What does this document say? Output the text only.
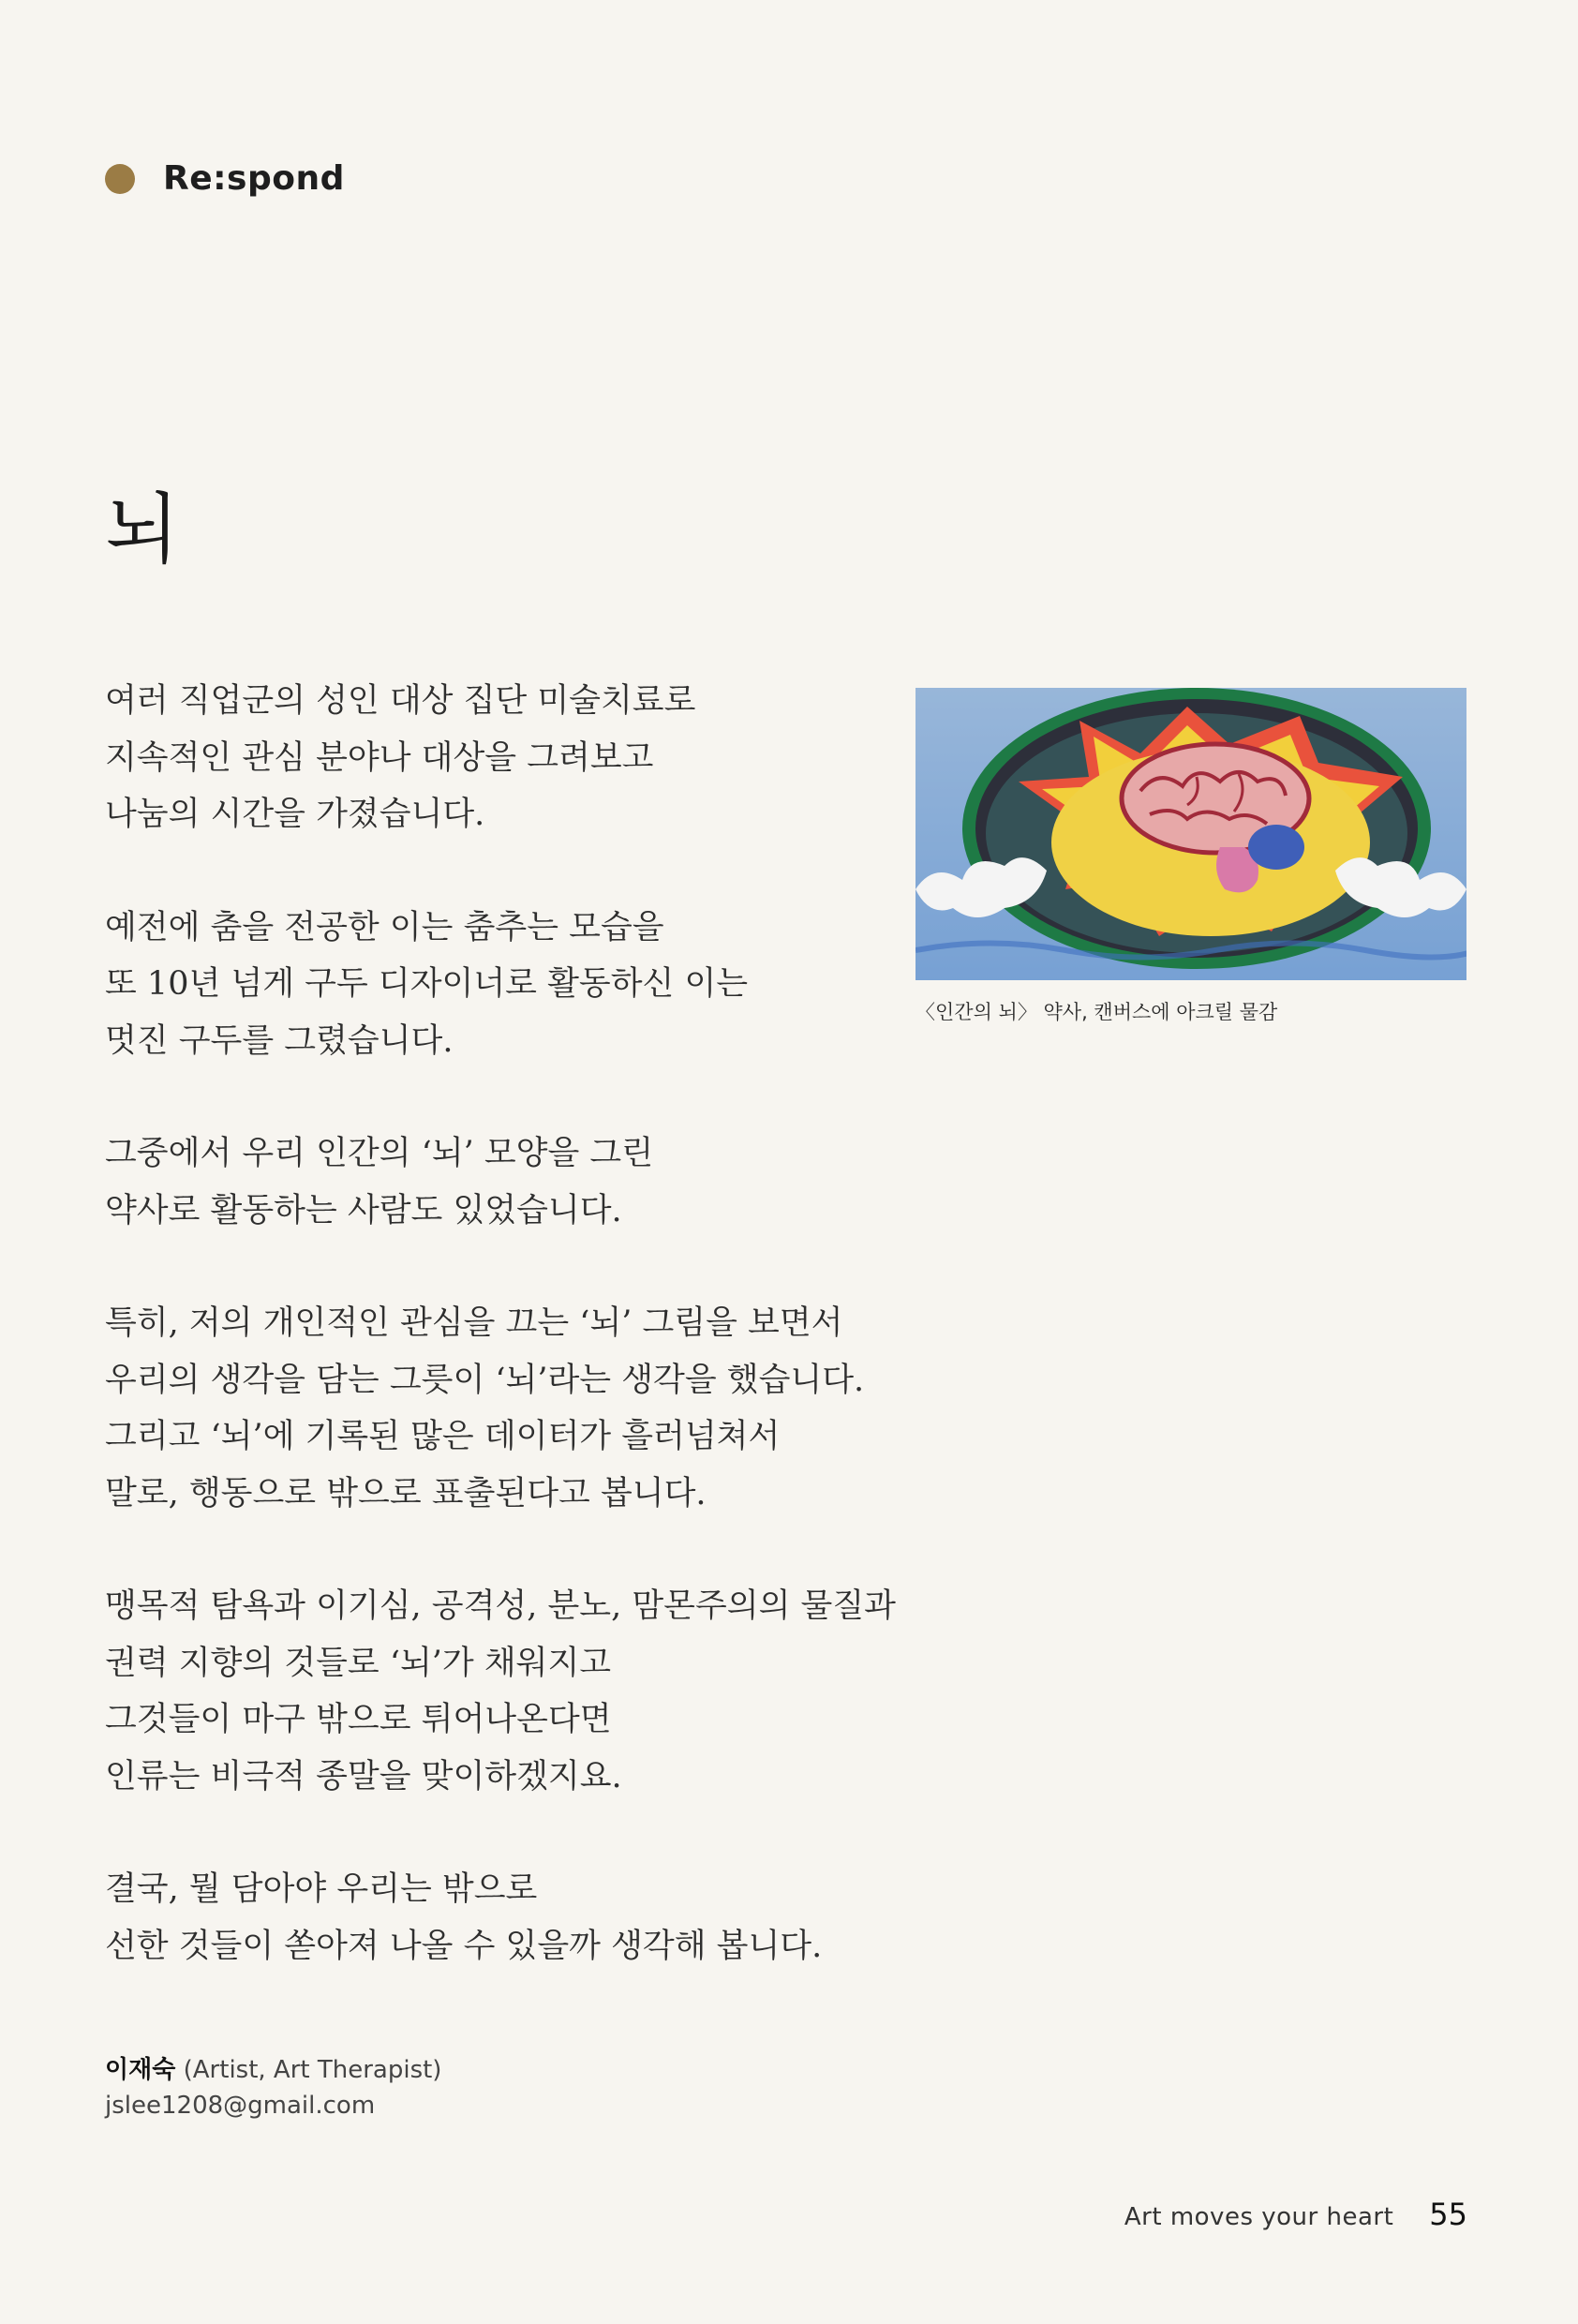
Re:spond
뇌

여러 직업군의 성인 대상 집단 미술치료로
지속적인 관심 분야나 대상을 그려보고
나눔의 시간을 가졌습니다.

예전에 춤을 전공한 이는 춤추는 모습을
또 10년 넘게 구두 디자이너로 활동하신 이는
멋진 구두를 그렸습니다.

그중에서 우리 인간의 ‘뇌’ 모양을 그린
약사로 활동하는 사람도 있었습니다.

특히, 저의 개인적인 관심을 끄는 ‘뇌’ 그림을 보면서
우리의 생각을 담는 그릇이 ‘뇌’라는 생각을 했습니다.
그리고 ‘뇌’에 기록된 많은 데이터가 흘러넘쳐서
말로, 행동으로 밖으로 표출된다고 봅니다.

맹목적 탐욕과 이기심, 공격성, 분노, 맘몬주의의 물질과
권력 지향의 것들로 ‘뇌’가 채워지고
그것들이 마구 밖으로 튀어나온다면
인류는 비극적 종말을 맞이하겠지요.

결국, 뭘 담아야 우리는 밖으로
선한 것들이 쏟아져 나올 수 있을까 생각해 봅니다.

〈인간의 뇌〉 약사, 캔버스에 아크릴 물감
이재숙 (Artist, Art Therapist)
jslee1208@gmail.com
Art moves your heart 55
